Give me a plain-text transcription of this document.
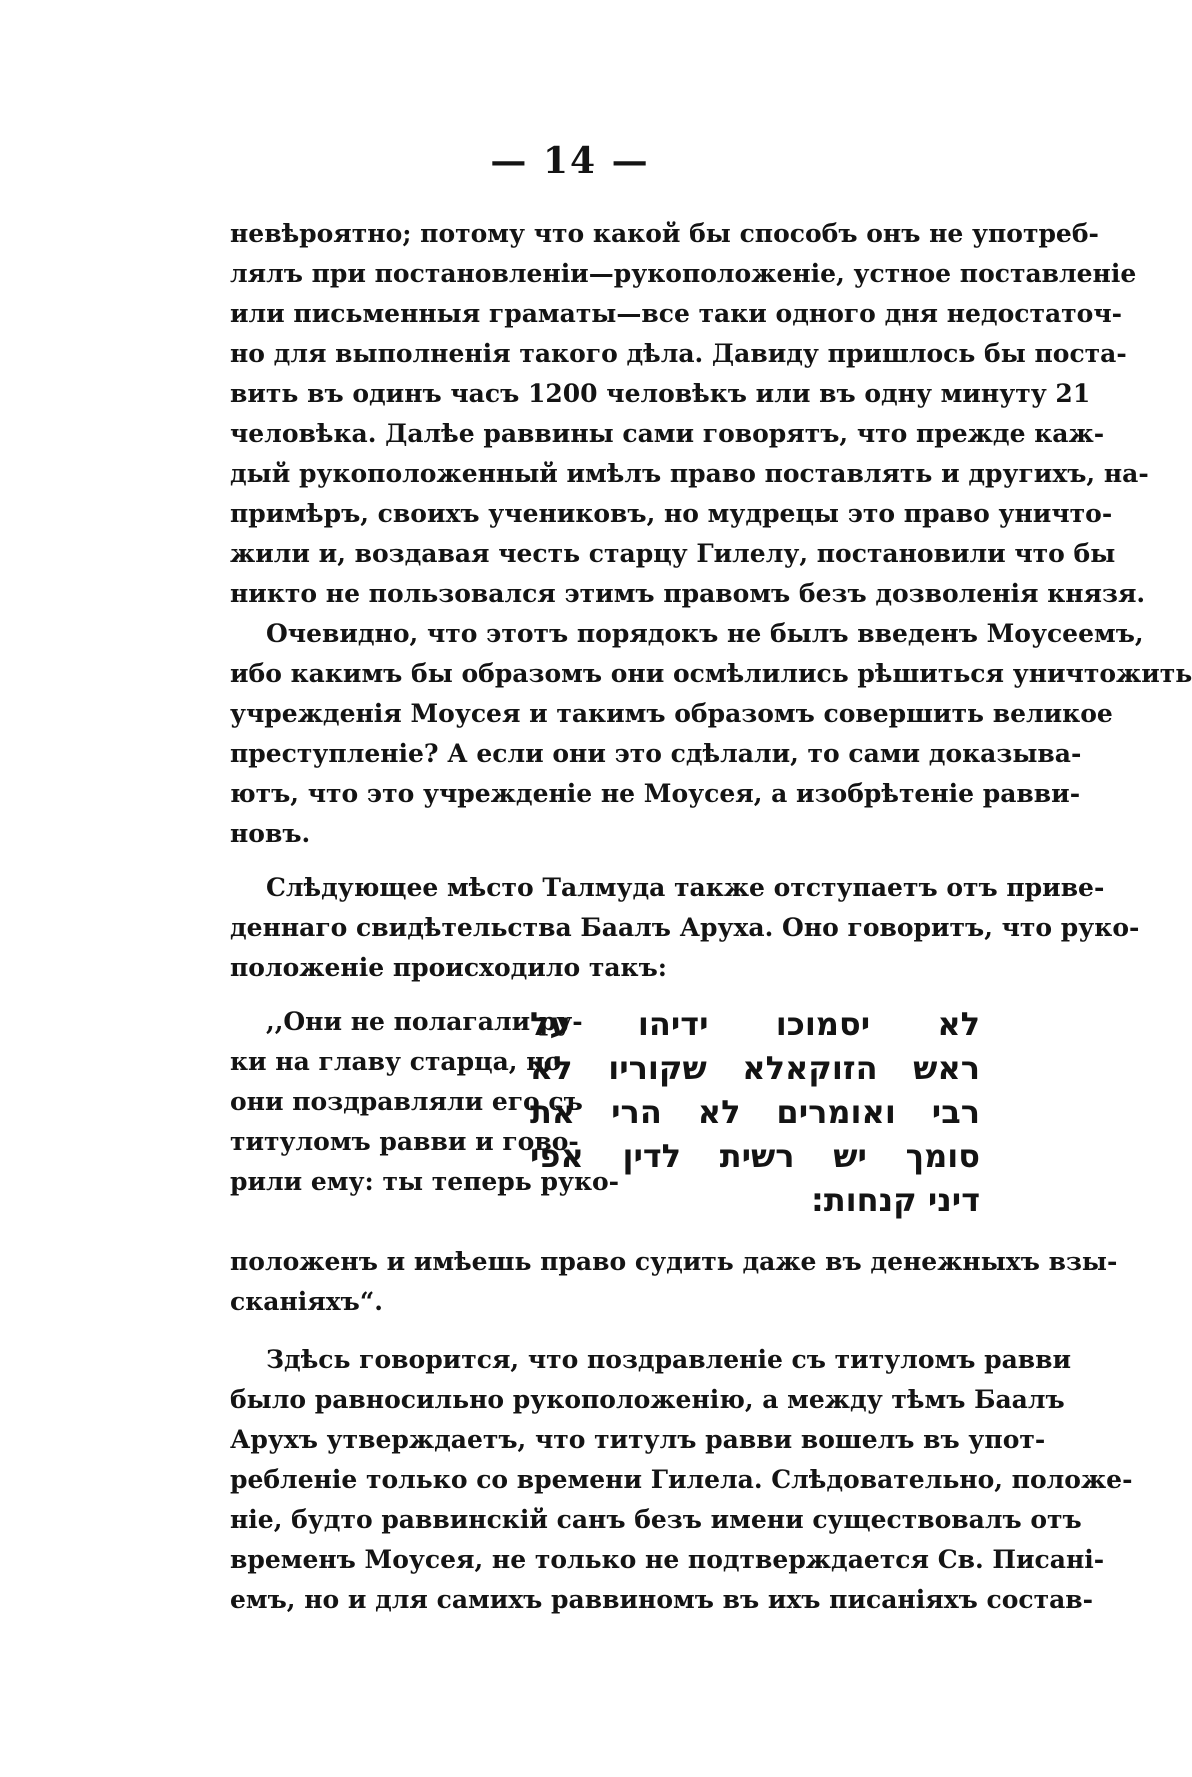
— 14 —
невѣроятно; потому что какой бы способъ онъ не употреб-
лялъ при постановленіи—рукоположеніе, устное поставленіе
или письменныя граматы—все таки одного дня недостаточ-
но для выполненія такого дѣла. Давиду пришлось бы поста-
вить въ одинъ часъ 1200 человѣкъ или въ одну минуту 21
человѣка. Далѣе раввины сами говорятъ, что прежде каж-
дый рукоположенный имѣлъ право поставлять и другихъ, на-
примѣръ, своихъ учениковъ, но мудрецы это право уничто-
жили и, воздавая честь старцу Гилелу, постановили что бы
никто не пользовался этимъ правомъ безъ дозволенія князя.
Очевидно, что этотъ порядокъ не былъ введенъ Моусеемъ,
ибо какимъ бы образомъ они осмѣлились рѣшиться уничтожить
учрежденія Моусея и такимъ образомъ совершить великое
преступленіе? А если они это сдѣлали, то сами доказыва-
ютъ, что это учрежденіе не Моусея, а изобрѣтеніе равви-
новъ.
Слѣдующее мѣсто Талмуда также отступаетъ отъ приве-
деннаго свидѣтельства Баалъ Аруха. Оно говоритъ, что руко-
положеніе происходило такъ:
,,Они не полагали ру-
ки на главу старца, но
они поздравляли его съ
титуломъ равви и гово-
рили ему: ты теперь руко-
לא יסמוכו ידיהו על
ראש הזוקאלא שקוריו לא
רבי ואומרים לא הרי את
סומך יש רשית לדין אפי
דיני קנחות:
положенъ и имѣешь право судить даже въ денежныхъ взы-
сканіяхъ“.
Здѣсь говорится, что поздравленіе съ титуломъ равви
было равносильно рукоположенію, а между тѣмъ Баалъ
Арухъ утверждаетъ, что титулъ равви вошелъ въ упот-
ребленіе только со времени Гилела. Слѣдовательно, положе-
ніе, будто раввинскій санъ безъ имени существовалъ отъ
временъ Моусея, не только не подтверждается Св. Писані-
емъ, но и для самихъ раввиномъ въ ихъ писаніяхъ состав-
